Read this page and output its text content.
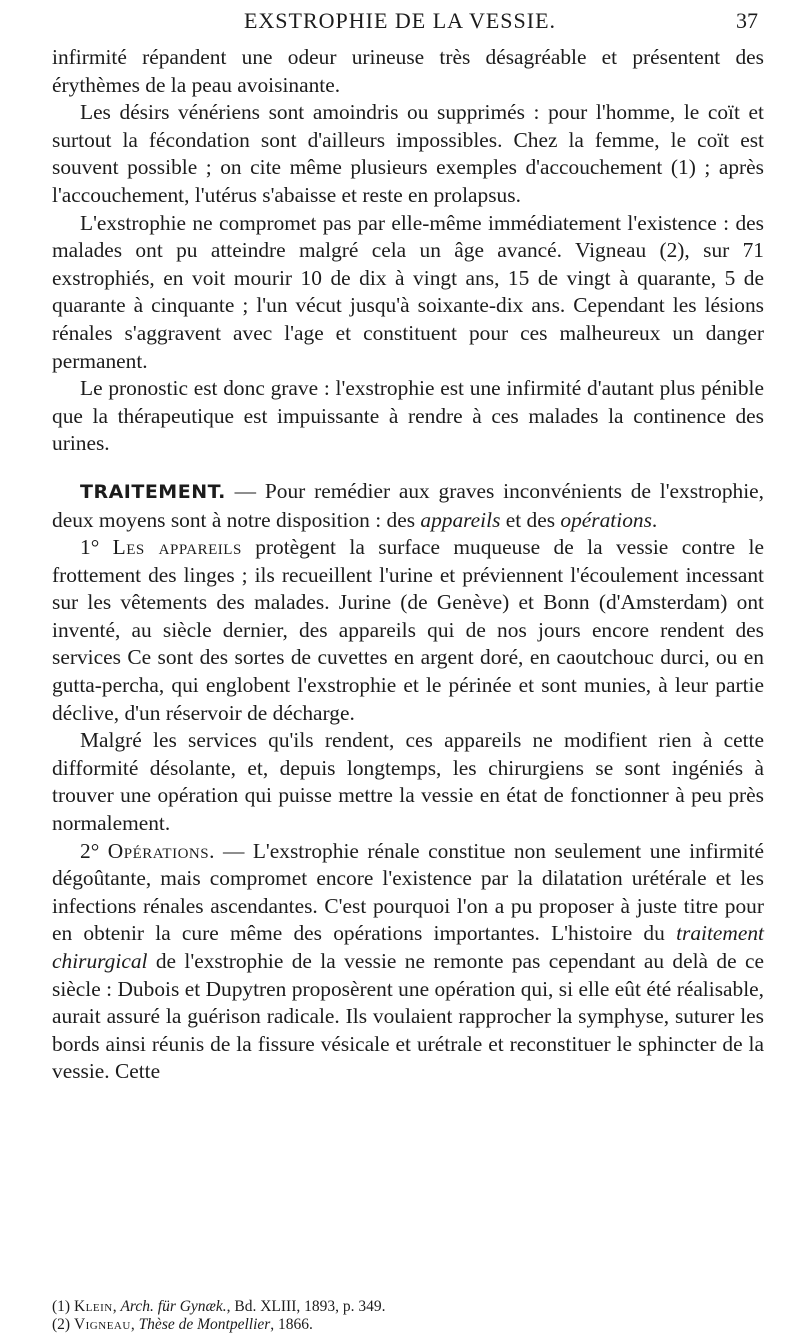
EXSTROPHIE DE LA VESSIE.	37

infirmité répandent une odeur urineuse très désagréable et présentent des érythèmes de la peau avoisinante.

Les désirs vénériens sont amoindris ou supprimés : pour l'homme, le coït et surtout la fécondation sont d'ailleurs impossibles. Chez la femme, le coït est souvent possible ; on cite même plusieurs exemples d'accouchement (1) ; après l'accouchement, l'utérus s'abaisse et reste en prolapsus.

L'exstrophie ne compromet pas par elle-même immédiatement l'existence : des malades ont pu atteindre malgré cela un âge avancé. Vigneau (2), sur 71 exstrophiés, en voit mourir 10 de dix à vingt ans, 15 de vingt à quarante, 5 de quarante à cinquante ; l'un vécut jusqu'à soixante-dix ans. Cependant les lésions rénales s'aggravent avec l'age et constituent pour ces malheureux un danger permanent.

Le pronostic est donc grave : l'exstrophie est une infirmité d'autant plus pénible que la thérapeutique est impuissante à rendre à ces malades la continence des urines.

TRAITEMENT. — Pour remédier aux graves inconvénients de l'exstrophie, deux moyens sont à notre disposition : des appareils et des opérations.

1° Les appareils protègent la surface muqueuse de la vessie contre le frottement des linges ; ils recueillent l'urine et préviennent l'écoulement incessant sur les vêtements des malades. Jurine (de Genève) et Bonn (d'Amsterdam) ont inventé, au siècle dernier, des appareils qui de nos jours encore rendent des services Ce sont des sortes de cuvettes en argent doré, en caoutchouc durci, ou en gutta-percha, qui englobent l'exstrophie et le périnée et sont munies, à leur partie déclive, d'un réservoir de décharge.

Malgré les services qu'ils rendent, ces appareils ne modifient rien à cette difformité désolante, et, depuis longtemps, les chirurgiens se sont ingéniés à trouver une opération qui puisse mettre la vessie en état de fonctionner à peu près normalement.

2° Opérations. — L'exstrophie rénale constitue non seulement une infirmité dégoûtante, mais compromet encore l'existence par la dilatation urétérale et les infections rénales ascendantes. C'est pourquoi l'on a pu proposer à juste titre pour en obtenir la cure même des opérations importantes. L'histoire du traitement chirurgical de l'exstrophie de la vessie ne remonte pas cependant au delà de ce siècle : Dubois et Dupytren proposèrent une opération qui, si elle eût été réalisable, aurait assuré la guérison radicale. Ils voulaient rapprocher la symphyse, suturer les bords ainsi réunis de la fissure vésicale et urétrale et reconstituer le sphincter de la vessie. Cette

(1) Klein, Arch. für Gynæk., Bd. XLIII, 1893, p. 349.
(2) Vigneau, Thèse de Montpellier, 1866.
